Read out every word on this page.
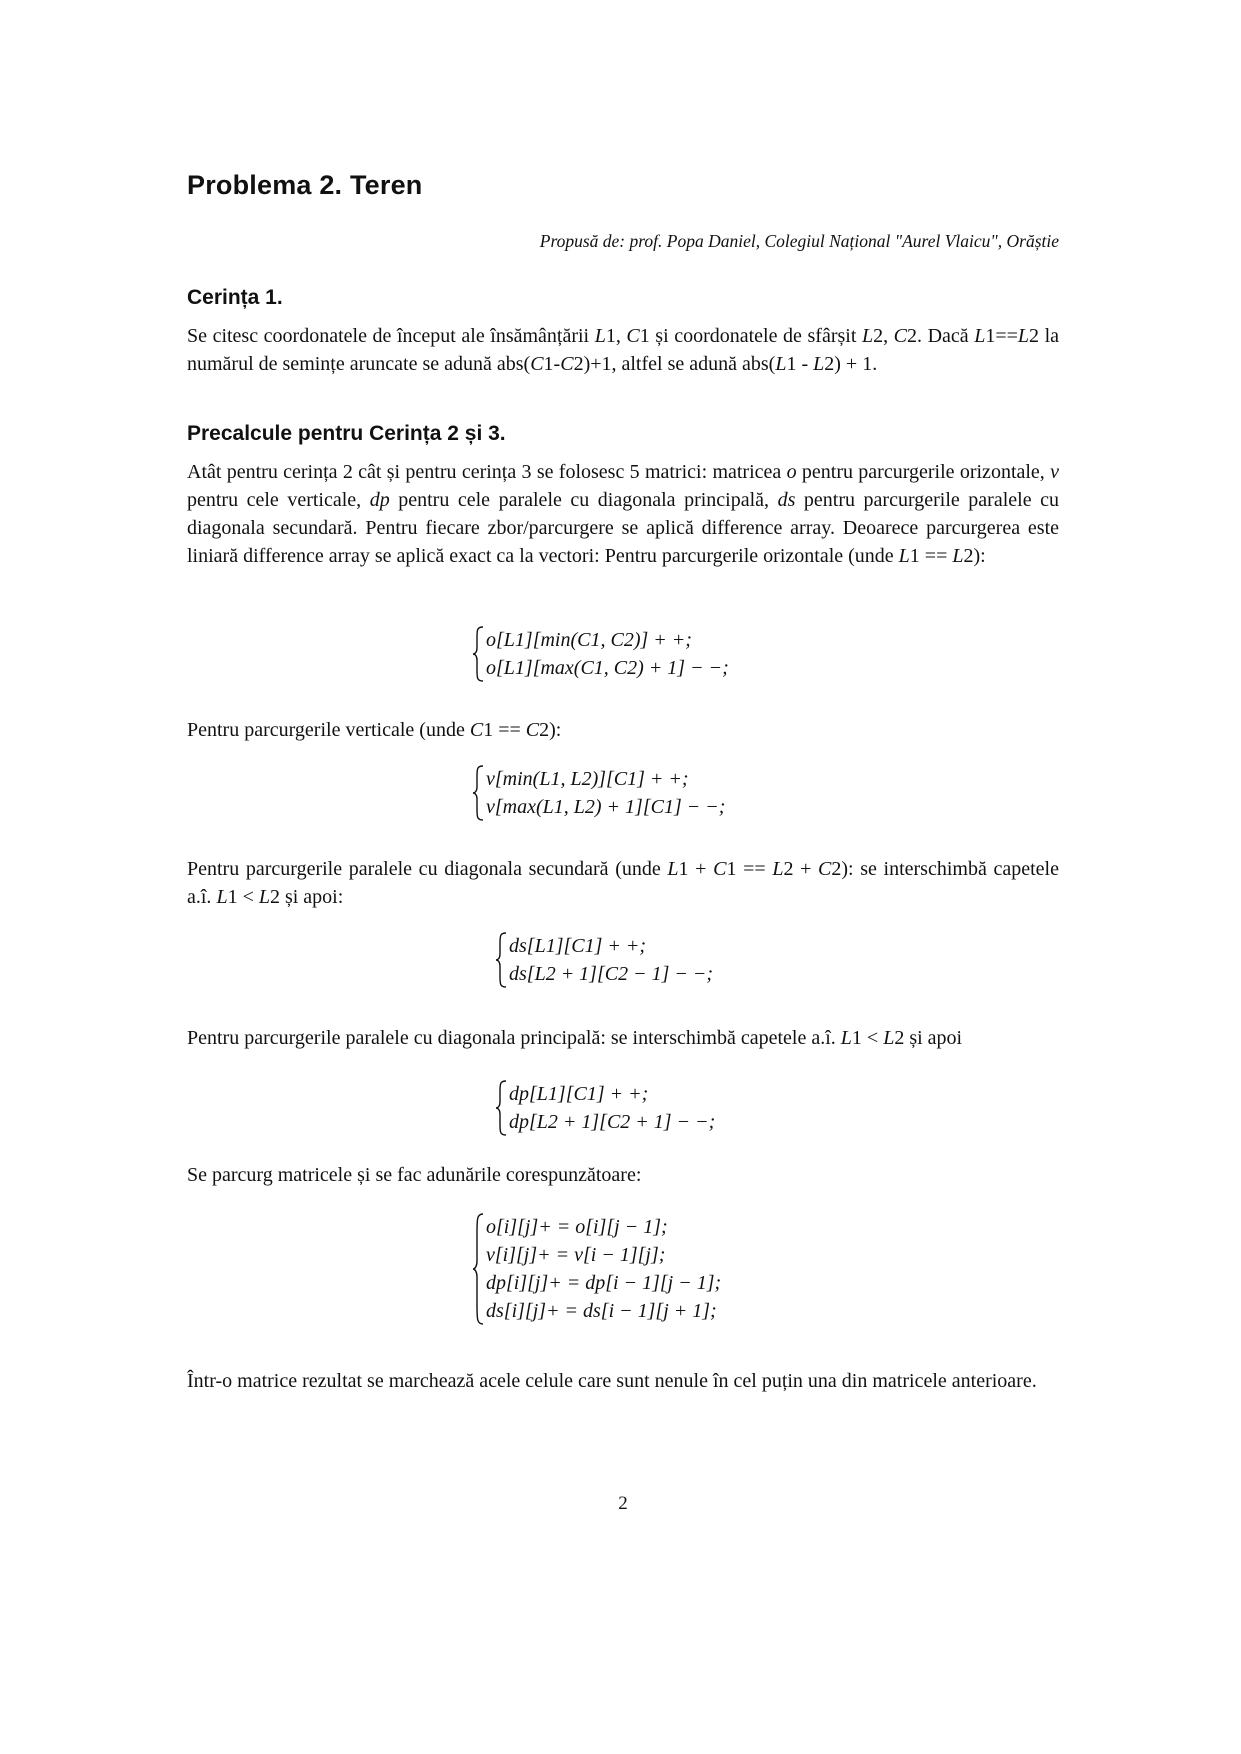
Problema 2. Teren
Propusă de: prof. Popa Daniel, Colegiul Național "Aurel Vlaicu", Orăștie
Cerința 1.

Se citesc coordonatele de început ale însămânțării L1, C1 și coordonatele de sfârșit L2, C2. Dacă L1==L2 la numărul de semințe aruncate se adună abs(C1-C2)+1, altfel se adună abs(L1 - L2) + 1.

Precalcule pentru Cerința 2 și 3.

Atât pentru cerința 2 cât și pentru cerința 3 se folosesc 5 matrici: matricea o pentru parcurgerile orizontale, v pentru cele verticale, dp pentru cele paralele cu diagonala principală, ds pentru parcurgerile paralele cu diagonala secundară. Pentru fiecare zbor/parcurgere se aplică difference array. Deoarece parcurgerea este liniară difference array se aplică exact ca la vectori: Pentru parcurgerile orizontale (unde L1 == L2):

o[L1][min(C1, C2)] + +;
o[L1][max(C1, C2) + 1] − −;

Pentru parcurgerile verticale (unde C1 == C2):

v[min(L1, L2)][C1] + +;
v[max(L1, L2) + 1][C1] − −;

Pentru parcurgerile paralele cu diagonala secundară (unde L1 + C1 == L2 + C2): se interschimbă capetele a.î. L1 < L2 și apoi:

ds[L1][C1] + +;
ds[L2 + 1][C2 − 1] − −;

Pentru parcurgerile paralele cu diagonala principală: se interschimbă capetele a.î. L1 < L2 și apoi

dp[L1][C1] + +;
dp[L2 + 1][C2 + 1] − −;

Se parcurg matricele și se fac adunările corespunzătoare:

o[i][j]+ = o[i][j − 1];
v[i][j]+ = v[i − 1][j];
dp[i][j]+ = dp[i − 1][j − 1];
ds[i][j]+ = ds[i − 1][j + 1];

Într-o matrice rezultat se marchează acele celule care sunt nenule în cel puțin una din matricele anterioare.

2
